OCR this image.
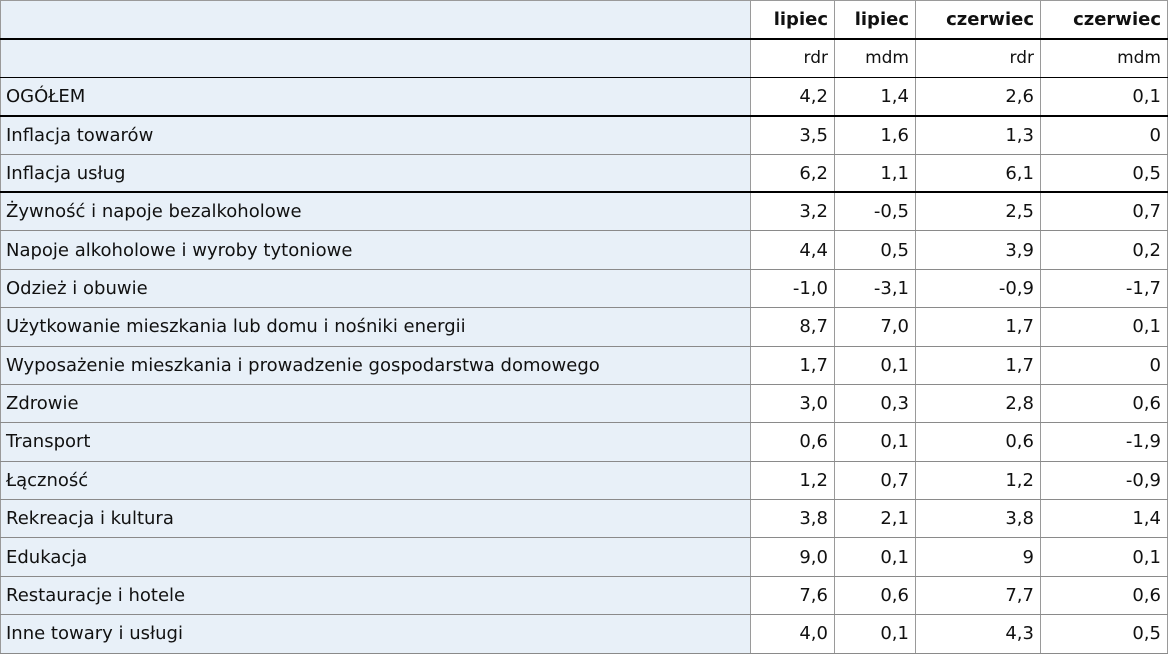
	lipiec	lipiec	czerwiec	czerwiec
	rdr	mdm	rdr	mdm
OGÓŁEM	4,2	1,4	2,6	0,1
Inflacja towarów	3,5	1,6	1,3	0
Inflacja usług	6,2	1,1	6,1	0,5
Żywność i napoje bezalkoholowe	3,2	-0,5	2,5	0,7
Napoje alkoholowe i wyroby tytoniowe	4,4	0,5	3,9	0,2
Odzież i obuwie	-1,0	-3,1	-0,9	-1,7
Użytkowanie mieszkania lub domu i nośniki energii	8,7	7,0	1,7	0,1
Wyposażenie mieszkania i prowadzenie gospodarstwa domowego	1,7	0,1	1,7	0
Zdrowie	3,0	0,3	2,8	0,6
Transport	0,6	0,1	0,6	-1,9
Łączność	1,2	0,7	1,2	-0,9
Rekreacja i kultura	3,8	2,1	3,8	1,4
Edukacja	9,0	0,1	9	0,1
Restauracje i hotele	7,6	0,6	7,7	0,6
Inne towary i usługi	4,0	0,1	4,3	0,5
